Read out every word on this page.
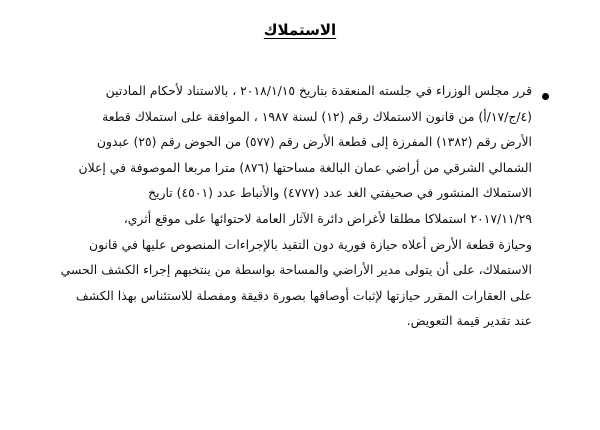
الاستملاك
قرر مجلس الوزراء في جلسته المنعقدة بتاريخ ٢٠١٨/١/١٥ ، بالاستناد لأحكام المادتين
(٤/ج/١٧/أ) من قانون الاستملاك رقم (١٢) لسنة ١٩٨٧ ، الموافقة على استملاك قطعة
الأرض رقم (١٣٨٢) المفرزة إلى قطعة الأرض رقم (٥٧٧) من الحوض رقم (٢٥) عبدون
الشمالي الشرقي من أراضي عمان البالغة مساحتها (٨٧٦) مترا مربعا الموصوفة في إعلان
الاستملاك المنشور في صحيفتي الغد عدد (٤٧٧٧) والأنباط عدد (٤٥٠١) تاريخ
٢٠١٧/١١/٢٩ استملاكا مطلقا لأغراض دائرة الآثار العامة لاحتوائها على موقع أثري،
وحيازة قطعة الأرض أعلاه حيازة فورية دون التقيد بالإجراءات المنصوص عليها في قانون
الاستملاك، على أن يتولى مدير الأراضي والمساحة بواسطة من ينتخبهم إجراء الكشف الحسي
على العقارات المقرر حيازتها لإثبات أوصافها بصورة دقيقة ومفصلة للاستئناس بهذا الكشف
عند تقدير قيمة التعويض.
